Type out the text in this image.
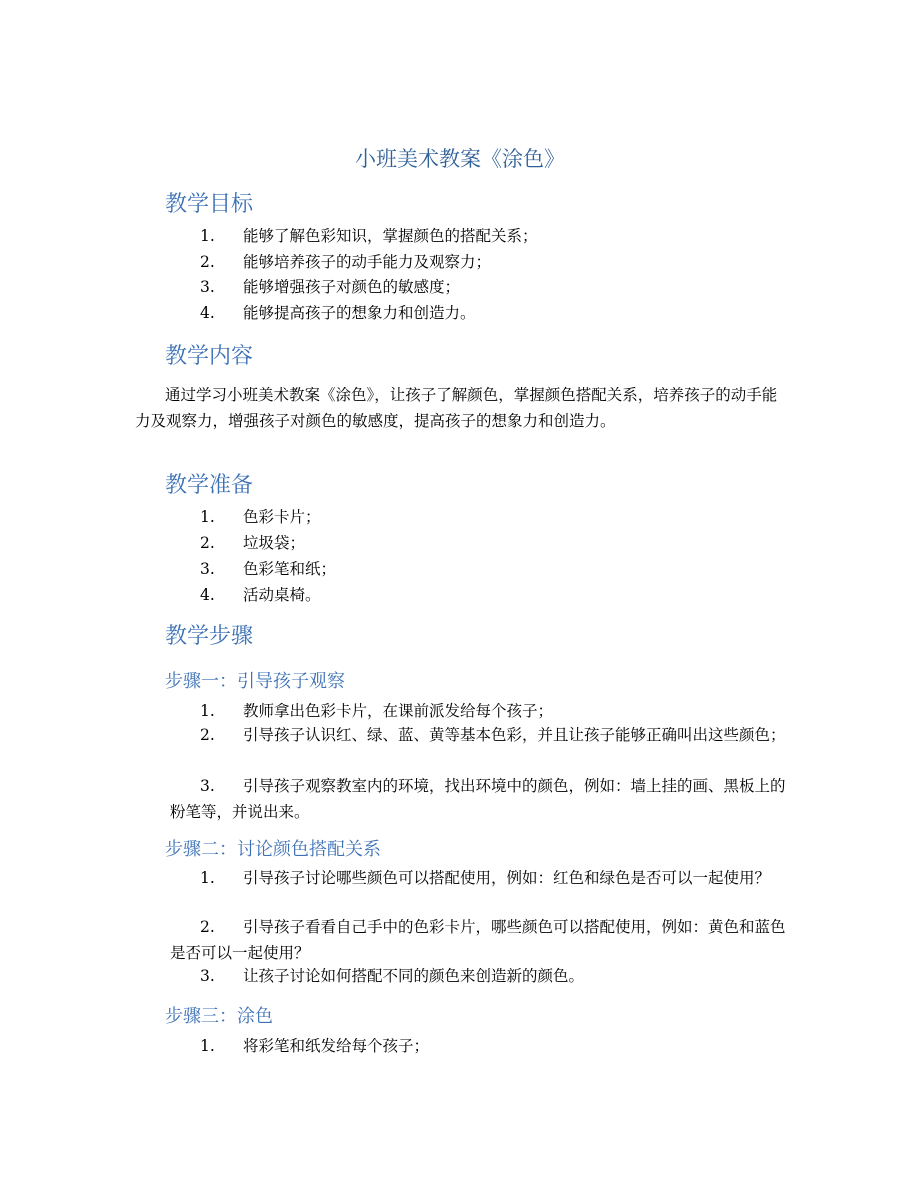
小班美术教案《涂色》
教学目标
1.	能够了解色彩知识，掌握颜色的搭配关系；
2.	能够培养孩子的动手能力及观察力；
3.	能够增强孩子对颜色的敏感度；
4.	能够提高孩子的想象力和创造力。
教学内容
通过学习小班美术教案《涂色》，让孩子了解颜色，掌握颜色搭配关系，培养孩子的动手能力及观察力，增强孩子对颜色的敏感度，提高孩子的想象力和创造力。
教学准备
1.	色彩卡片；
2.	垃圾袋；
3.	色彩笔和纸；
4.	活动桌椅。
教学步骤
步骤一：引导孩子观察
1.	教师拿出色彩卡片，在课前派发给每个孩子；
2.	引导孩子认识红、绿、蓝、黄等基本色彩，并且让孩子能够正确叫出这些颜色；
3.	引导孩子观察教室内的环境，找出环境中的颜色，例如：墙上挂的画、黑板上的粉笔等，并说出来。
步骤二：讨论颜色搭配关系
1.	引导孩子讨论哪些颜色可以搭配使用，例如：红色和绿色是否可以一起使用？
2.	引导孩子看看自己手中的色彩卡片，哪些颜色可以搭配使用，例如：黄色和蓝色是否可以一起使用？
3.	让孩子讨论如何搭配不同的颜色来创造新的颜色。
步骤三：涂色
1.	将彩笔和纸发给每个孩子；
